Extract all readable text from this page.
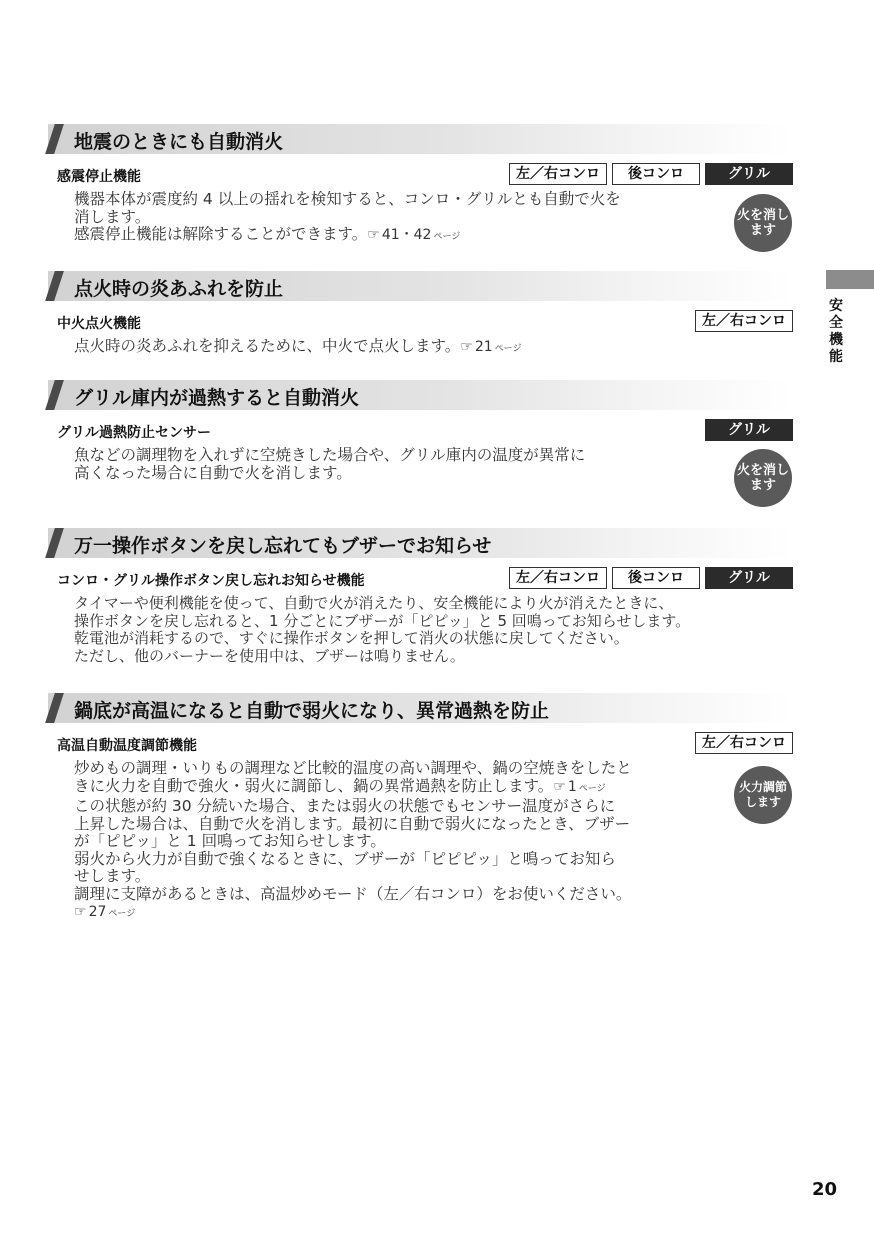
安全機能
地震のときにも自動消火
感震停止機能	左／右コンロ	後コンロ	グリル

機器本体が震度約 4 以上の揺れを検知すると、コンロ・グリルとも自動で火を

消します。

感震停止機能は解除することができます。☞ 41・42 ページ

火を消します
点火時の炎あふれを防止
中火点火機能	左／右コンロ

点火時の炎あふれを抑えるために、中火で点火します。☞ 21 ページ

グリル庫内が過熱すると自動消火
グリル過熱防止センサー	グリル

魚などの調理物を入れずに空焼きした場合や、グリル庫内の温度が異常に

高くなった場合に自動で火を消します。	火を消します
万一操作ボタンを戻し忘れてもブザーでお知らせ
コンロ・グリル操作ボタン戻し忘れお知らせ機能	左／右コンロ	後コンロ	グリル

タイマーや便利機能を使って、自動で火が消えたり、安全機能により火が消えたときに、

操作ボタンを戻し忘れると、1 分ごとにブザーが「ピピッ」と 5 回鳴ってお知らせします。

乾電池が消耗するので、すぐに操作ボタンを押して消火の状態に戻してください。

ただし、他のバーナーを使用中は、ブザーは鳴りません。

鍋底が高温になると自動で弱火になり、異常過熱を防止
高温自動温度調節機能	左／右コンロ

炒めもの調理・いりもの調理など比較的温度の高い調理や、鍋の空焼きをしたと

きに火力を自動で強火・弱火に調節し、鍋の異常過熱を防止します。☞ 1 ページ

この状態が約 30 分続いた場合、または弱火の状態でもセンサー温度がさらに

上昇した場合は、自動で火を消します。最初に自動で弱火になったとき、ブザー

が「ピピッ」と 1 回鳴ってお知らせします。

弱火から火力が自動で強くなるときに、ブザーが「ピピピッ」と鳴ってお知ら

せします。

調理に支障があるときは、高温炒めモード（左／右コンロ）をお使いください。

☞ 27 ページ

火力調節します
20
